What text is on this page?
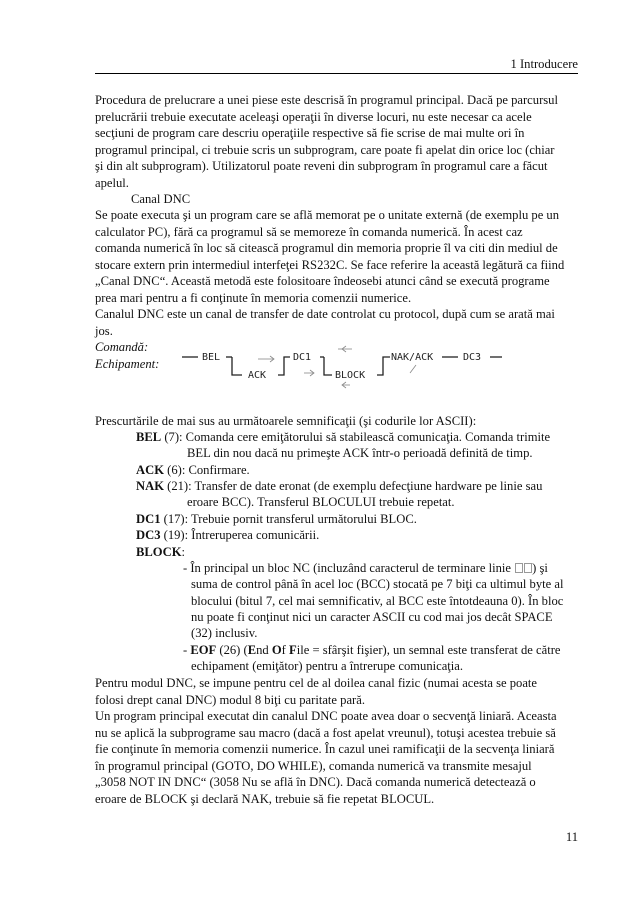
1 Introducere
Procedura de prelucrare a unei piese este descrisă în programul principal. Dacă pe parcursul
prelucrării trebuie executate aceleaşi operaţii în diverse locuri, nu este necesar ca acele
secţiuni de program care descriu operaţiile respective să fie scrise de mai multe ori în
programul principal, ci trebuie scris un subprogram, care poate fi apelat din orice loc (chiar
şi din alt subprogram). Utilizatorul poate reveni din subprogram în programul care a făcut
apelul.
Canal DNC
Se poate executa şi un program care se află memorat pe o unitate externă (de exemplu pe un
calculator PC), fără ca programul să se memoreze în comanda numerică. În acest caz
comanda numerică în loc să citească programul din memoria proprie îl va citi din mediul de
stocare extern prin intermediul interfeţei RS232C. Se face referire la această legătură ca fiind
„Canal DNC“. Această metodă este folositoare îndeosebi atunci când se execută programe
prea mari pentru a fi conţinute în memoria comenzii numerice.
Canalul DNC este un canal de transfer de date controlat cu protocol, după cum se arată mai
jos.
Comandă:
Echipament:	BEL	DC1	NAK/ACK	DC3
ACK	BLOCK
Prescurtările de mai sus au următoarele semnificaţii (şi codurile lor ASCII):
BEL (7): Comanda cere emiţătorului să stabilească comunicaţia. Comanda trimite
BEL din nou dacă nu primeşte ACK într-o perioadă definită de timp.
ACK (6): Confirmare.
NAK (21): Transfer de date eronat (de exemplu defecţiune hardware pe linie sau
eroare BCC). Transferul BLOCULUI trebuie repetat.
DC1 (17): Trebuie pornit transferul următorului BLOC.
DC3 (19): Întreruperea comunicării.
BLOCK:
- În principal un bloc NC (incluzând caracterul de terminare linie ) şi
suma de control până în acel loc (BCC) stocată pe 7 biţi ca ultimul byte al
blocului (bitul 7, cel mai semnificativ, al BCC este întotdeauna 0). În bloc
nu poate fi conţinut nici un caracter ASCII cu cod mai jos decât SPACE
(32) inclusiv.
- EOF (26) (End Of File = sfârşit fişier), un semnal este transferat de către
echipament (emiţător) pentru a întrerupe comunicaţia.
Pentru modul DNC, se impune pentru cel de al doilea canal fizic (numai acesta se poate
folosi drept canal DNC) modul 8 biţi cu paritate pară.
Un program principal executat din canalul DNC poate avea doar o secvenţă liniară. Aceasta
nu se aplică la subprograme sau macro (dacă a fost apelat vreunul), totuşi acestea trebuie să
fie conţinute în memoria comenzii numerice. În cazul unei ramificaţii de la secvenţa liniară
în programul principal (GOTO, DO WHILE), comanda numerică va transmite mesajul
„3058 NOT IN DNC“ (3058 Nu se află în DNC). Dacă comanda numerică detectează o
eroare de BLOCK şi declară NAK, trebuie să fie repetat BLOCUL.
11
